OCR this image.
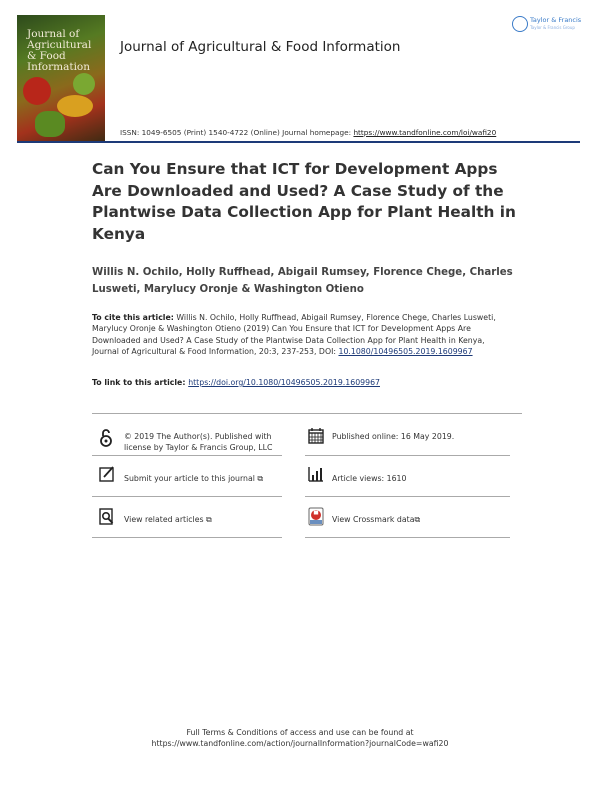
Journal of
Agricultural
& Food
Information
Journal of Agricultural & Food Information
Taylor & Francis
Taylor & Francis Group
ISSN: 1049-6505 (Print) 1540-4722 (Online) Journal homepage: https://www.tandfonline.com/loi/wafi20
Can You Ensure that ICT for Development Apps Are Downloaded and Used? A Case Study of the Plantwise Data Collection App for Plant Health in Kenya

Willis N. Ochilo, Holly Ruffhead, Abigail Rumsey, Florence Chege, Charles Lusweti, Marylucy Oronje & Washington Otieno

To cite this article: Willis N. Ochilo, Holly Ruffhead, Abigail Rumsey, Florence Chege, Charles Lusweti, Marylucy Oronje & Washington Otieno (2019) Can You Ensure that ICT for Development Apps Are Downloaded and Used? A Case Study of the Plantwise Data Collection App for Plant Health in Kenya, Journal of Agricultural & Food Information, 20:3, 237-253, DOI: 10.1080/10496505.2019.1609967

To link to this article: https://doi.org/10.1080/10496505.2019.1609967
© 2019 The Author(s). Published with license by Taylor & Francis Group, LLC
Published online: 16 May 2019.
Submit your article to this journal ⧉	Article views: 1610
View related articles ⧉	View Crossmark data⧉
Full Terms & Conditions of access and use can be found at
https://www.tandfonline.com/action/journalInformation?journalCode=wafi20
